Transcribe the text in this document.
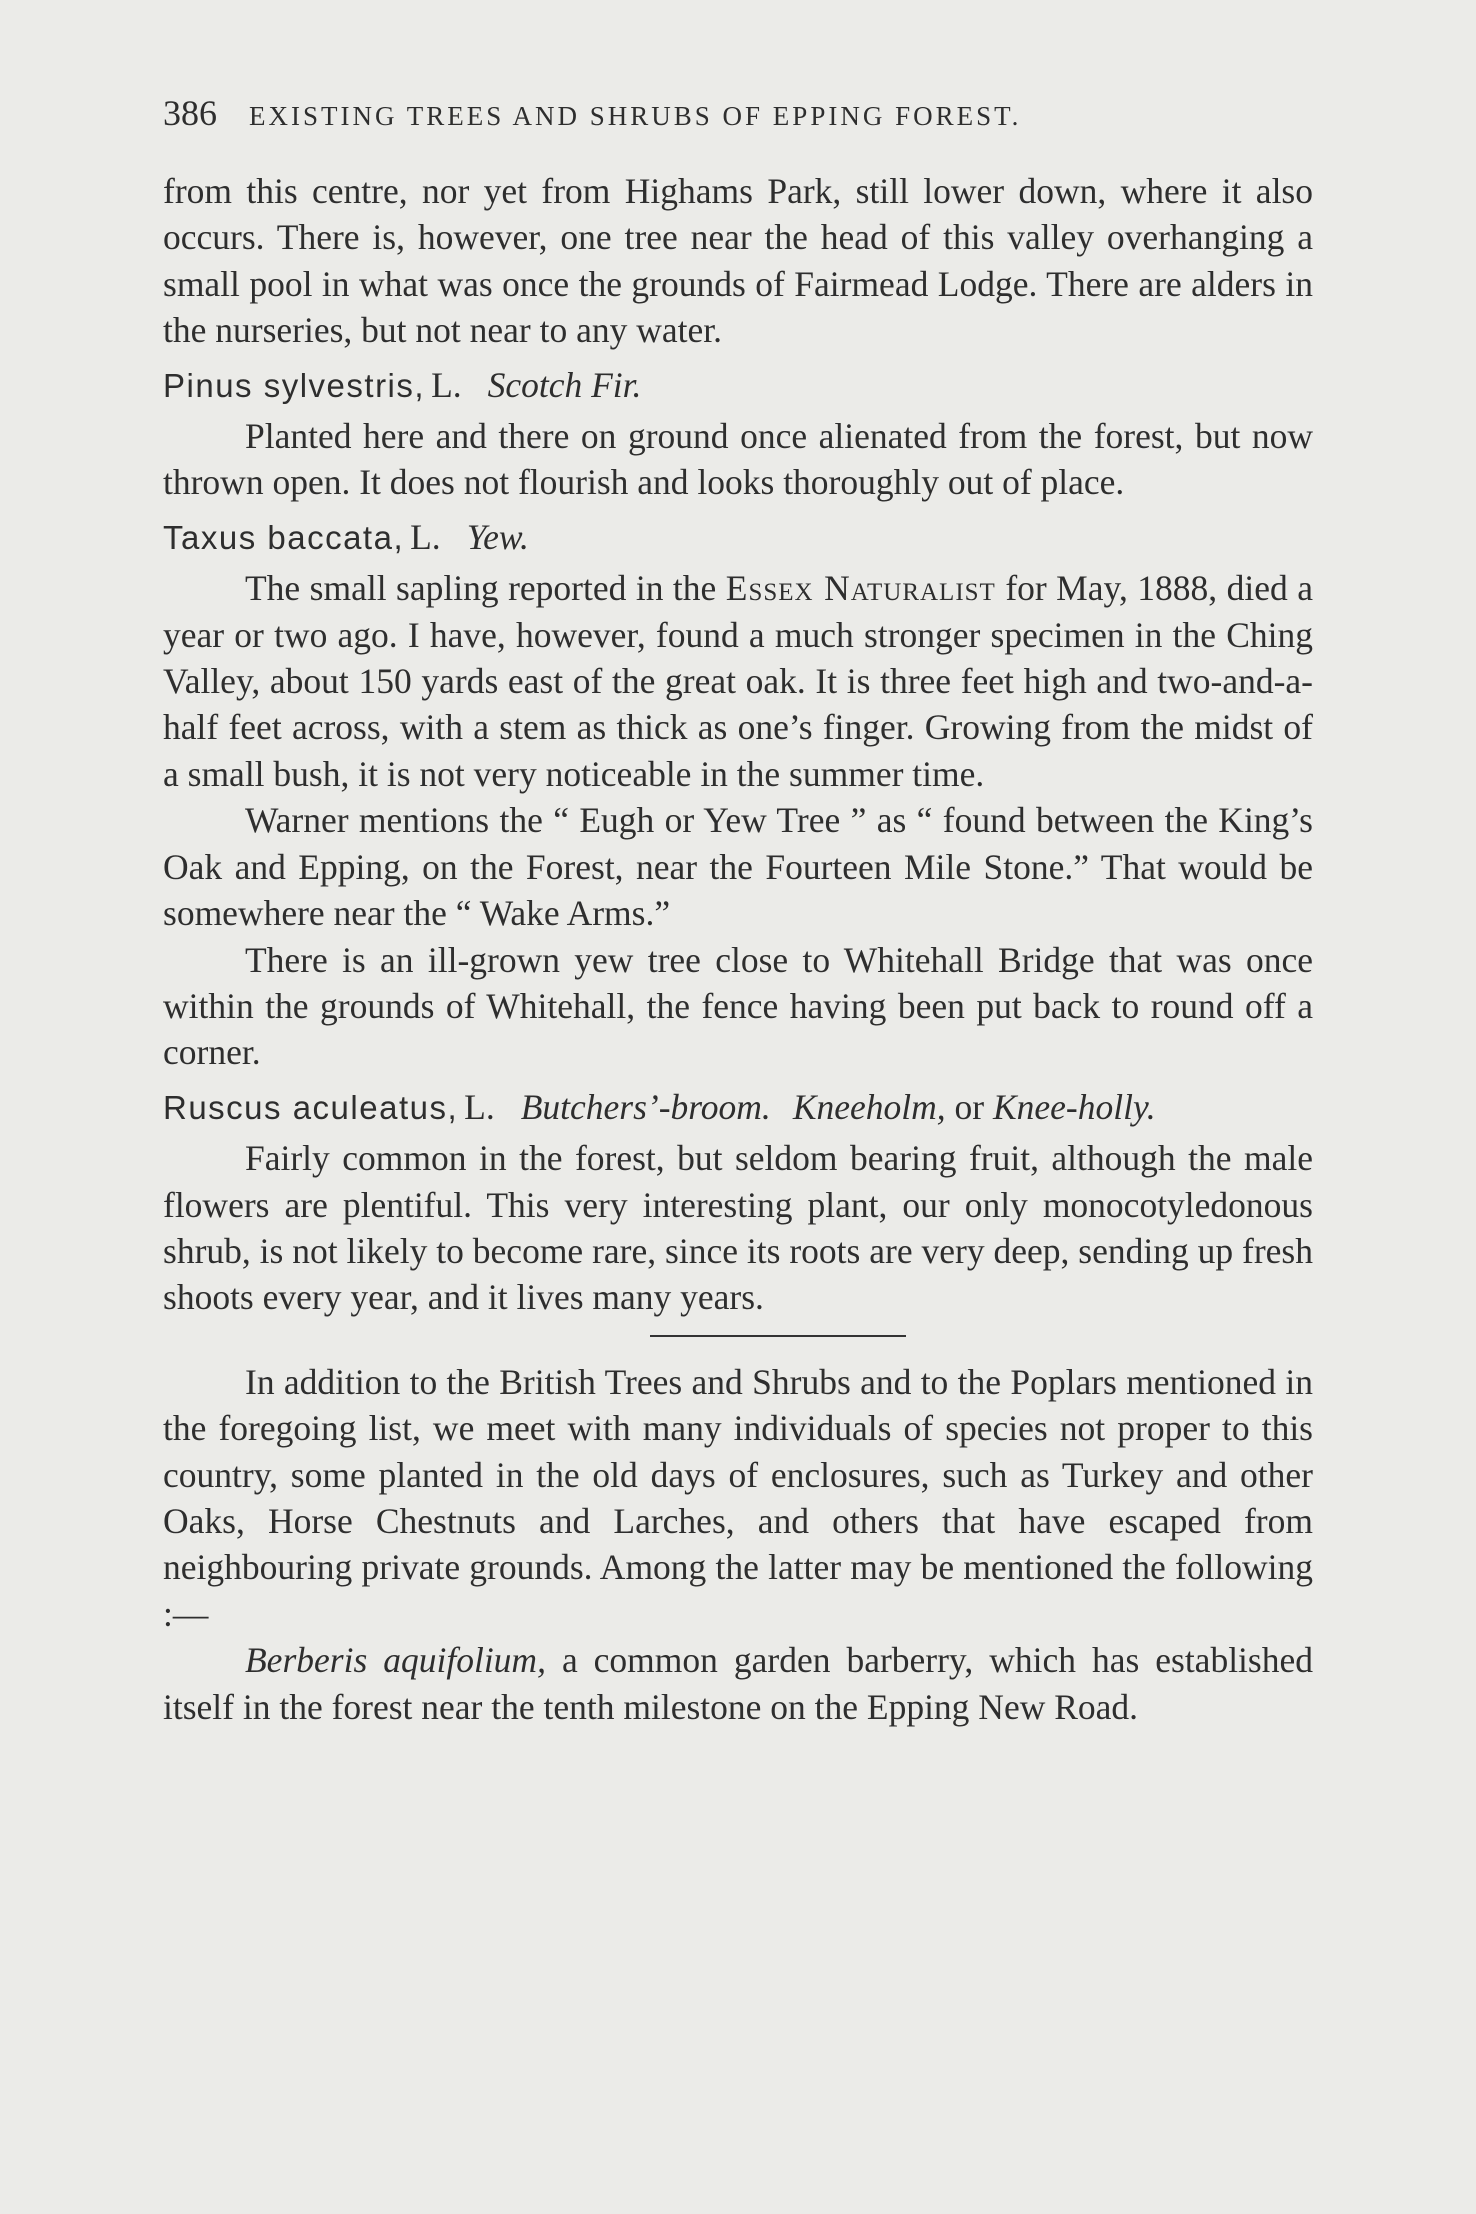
386 EXISTING TREES AND SHRUBS OF EPPING FOREST.

from this centre, nor yet from Highams Park, still lower down, where it also occurs. There is, however, one tree near the head of this valley overhanging a small pool in what was once the grounds of Fairmead Lodge. There are alders in the nurseries, but not near to any water.

Pinus sylvestris, L. Scotch Fir.

Planted here and there on ground once alienated from the forest, but now thrown open. It does not flourish and looks thoroughly out of place.

Taxus baccata, L. Yew.

The small sapling reported in the Essex Naturalist for May, 1888, died a year or two ago. I have, however, found a much stronger specimen in the Ching Valley, about 150 yards east of the great oak. It is three feet high and two-and-a-half feet across, with a stem as thick as one’s finger. Growing from the midst of a small bush, it is not very noticeable in the summer time.

Warner mentions the “ Eugh or Yew Tree ” as “ found between the King’s Oak and Epping, on the Forest, near the Fourteen Mile Stone.” That would be somewhere near the “ Wake Arms.”

There is an ill-grown yew tree close to Whitehall Bridge that was once within the grounds of Whitehall, the fence having been put back to round off a corner.

Ruscus aculeatus, L. Butchers’-broom. Kneeholm, or Knee-holly.

Fairly common in the forest, but seldom bearing fruit, although the male flowers are plentiful. This very interesting plant, our only monocotyledonous shrub, is not likely to become rare, since its roots are very deep, sending up fresh shoots every year, and it lives many years.

In addition to the British Trees and Shrubs and to the Poplars mentioned in the foregoing list, we meet with many individuals of species not proper to this country, some planted in the old days of enclosures, such as Turkey and other Oaks, Horse Chestnuts and Larches, and others that have escaped from neighbouring private grounds. Among the latter may be mentioned the following :—

Berberis aquifolium, a common garden barberry, which has established itself in the forest near the tenth milestone on the Epping New Road.
